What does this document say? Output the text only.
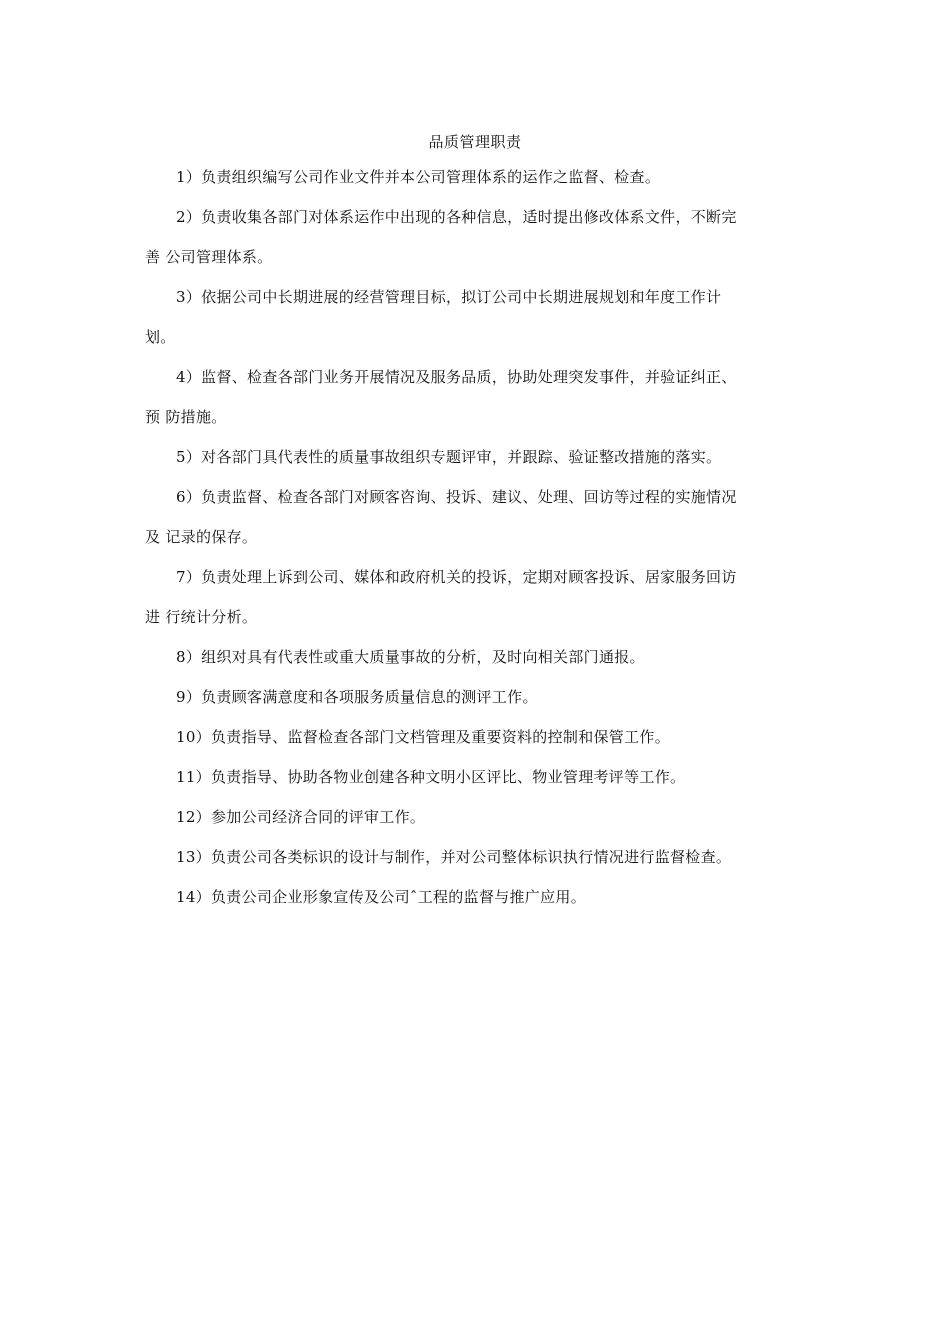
品质管理职责
1）负责组织编写公司作业文件并本公司管理体系的运作之监督、检查。
2）负责收集各部门对体系运作中出现的各种信息，适时提出修改体系文件，不断完
善 公司管理体系。
3）依据公司中长期进展的经营管理目标，拟订公司中长期进展规划和年度工作计
划。
4）监督、检查各部门业务开展情况及服务品质，协助处理突发事件，并验证纠正、
预 防措施。
5）对各部门具代表性的质量事故组织专题评审，并跟踪、验证整改措施的落实。
6）负责监督、检查各部门对顾客咨询、投诉、建议、处理、回访等过程的实施情况
及 记录的保存。
7）负责处理上诉到公司、媒体和政府机关的投诉，定期对顾客投诉、居家服务回访
进 行统计分析。
8）组织对具有代表性或重大质量事故的分析，及时向相关部门通报。
9）负责顾客满意度和各项服务质量信息的测评工作。
10）负责指导、监督检查各部门文档管理及重要资料的控制和保管工作。
11）负责指导、协助各物业创建各种文明小区评比、物业管理考评等工作。
12）参加公司经济合同的评审工作。
13）负责公司各类标识的设计与制作，并对公司整体标识执行情况进行监督检查。
14）负责公司企业形象宣传及公司ˆ工程的监督与推广应用。
